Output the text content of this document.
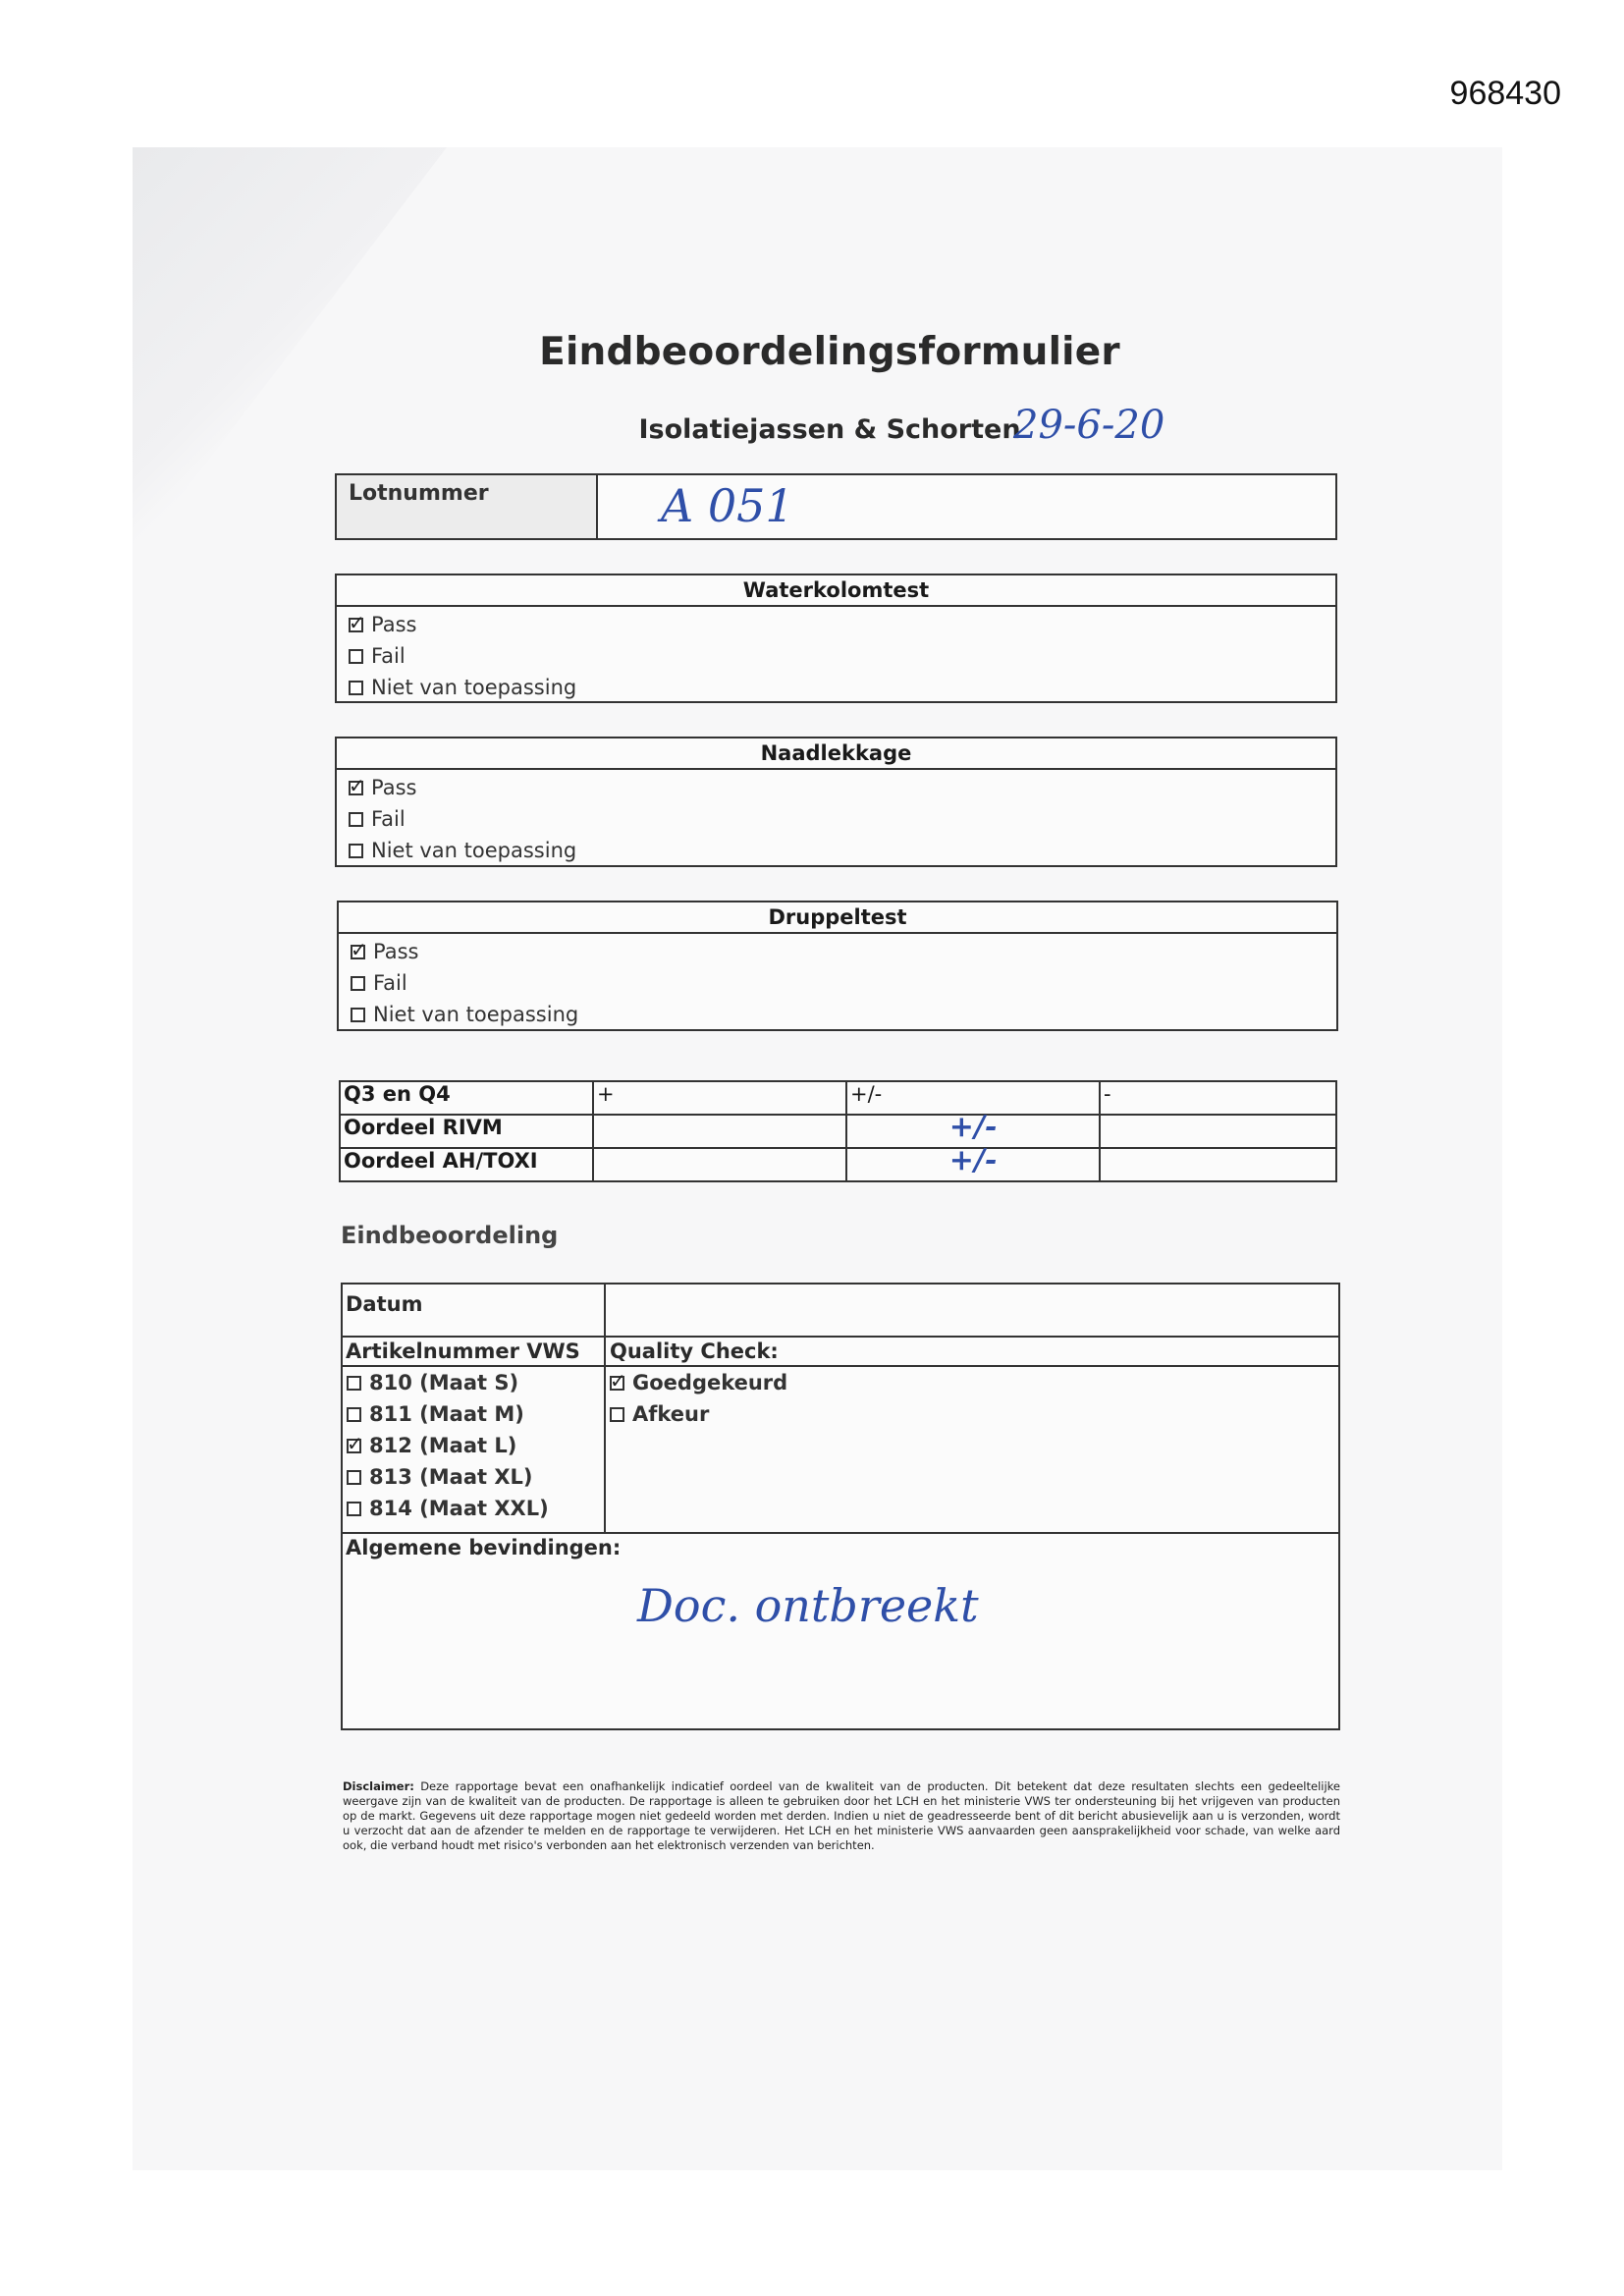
968430
Eindbeoordelingsformulier
Isolatiejassen & Schorten
29-6-20
Lotnummer	A 051
Waterkolomtest
✓
Pass
Fail
Niet van toepassing
Naadlekkage
✓
Pass
Fail
Niet van toepassing
Druppeltest
✓
Pass
Fail
Niet van toepassing
Q3 en Q4	+	+/-	-
Oordeel RIVM		+/-	
Oordeel AH/TOXI		+/-	
Eindbeoordeling
Datum
Artikelnummer VWS Quality Check:
810 (Maat S)
811 (Maat M)
✓
812 (Maat L)
813 (Maat XL)
814 (Maat XXL)
✓
Goedgekeurd
Afkeur
Algemene bevindingen:
Doc. ontbreekt
Disclaimer: Deze rapportage bevat een onafhankelijk indicatief oordeel van de kwaliteit van de producten. Dit betekent dat deze resultaten slechts een gedeeltelijke weergave zijn van de kwaliteit van de producten. De rapportage is alleen te gebruiken door het LCH en het ministerie VWS ter ondersteuning bij het vrijgeven van producten op de markt. Gegevens uit deze rapportage mogen niet gedeeld worden met derden. Indien u niet de geadresseerde bent of dit bericht abusievelijk aan u is verzonden, wordt u verzocht dat aan de afzender te melden en de rapportage te verwijderen. Het LCH en het ministerie VWS aanvaarden geen aansprakelijkheid voor schade, van welke aard ook, die verband houdt met risico's verbonden aan het elektronisch verzenden van berichten.
